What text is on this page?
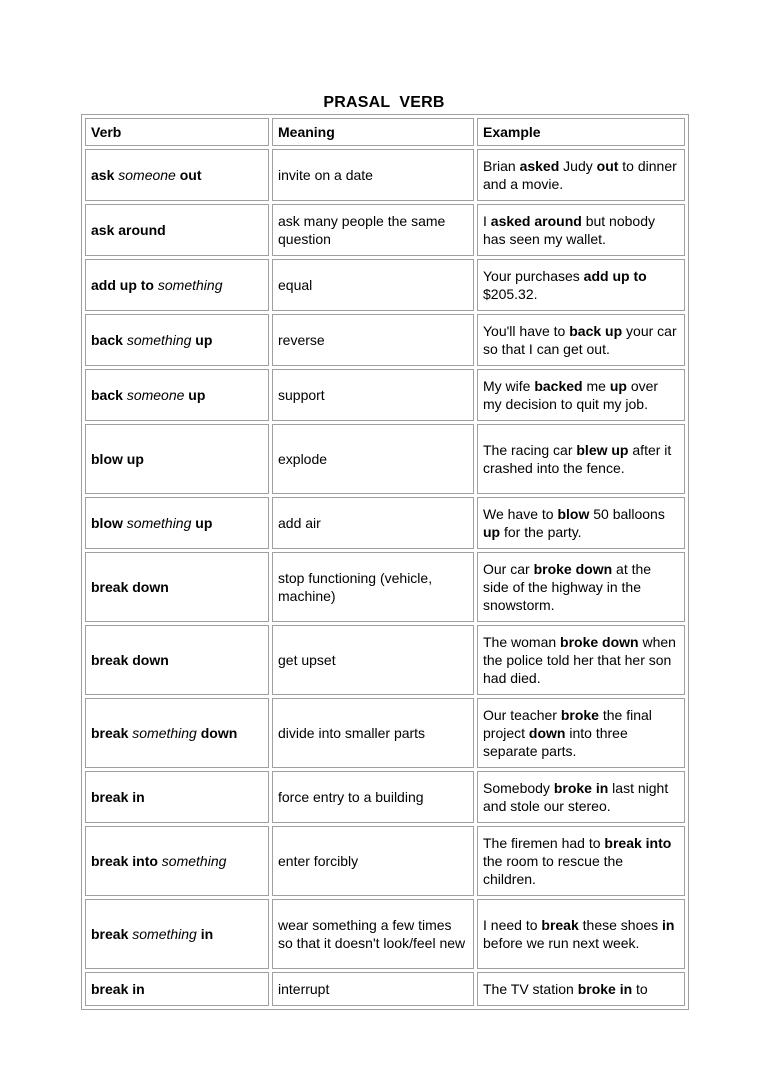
PRASAL  VERB
Verb	Meaning	Example
ask someone out	invite on a date	Brian asked Judy out to dinner and a movie.
ask around	ask many people the same question	I asked around but nobody has seen my wallet.
add up to something	equal	Your purchases add up to $205.32.
back something up	reverse	You'll have to back up your car so that I can get out.
back someone up	support	My wife backed me up over my decision to quit my job.
blow up	explode	The racing car blew up after it crashed into the fence.
blow something up	add air	We have to blow 50 balloons up for the party.
break down	stop functioning (vehicle, machine)	Our car broke down at the side of the highway in the snowstorm.
break down	get upset	The woman broke down when the police told her that her son had died.
break something down	divide into smaller parts	Our teacher broke the final project down into three separate parts.
break in	force entry to a building	Somebody broke in last night and stole our stereo.
break into something	enter forcibly	The firemen had to break into the room to rescue the children.
break something in	wear something a few times so that it doesn't look/feel new	I need to break these shoes in before we run next week.
break in	interrupt	The TV station broke in to
